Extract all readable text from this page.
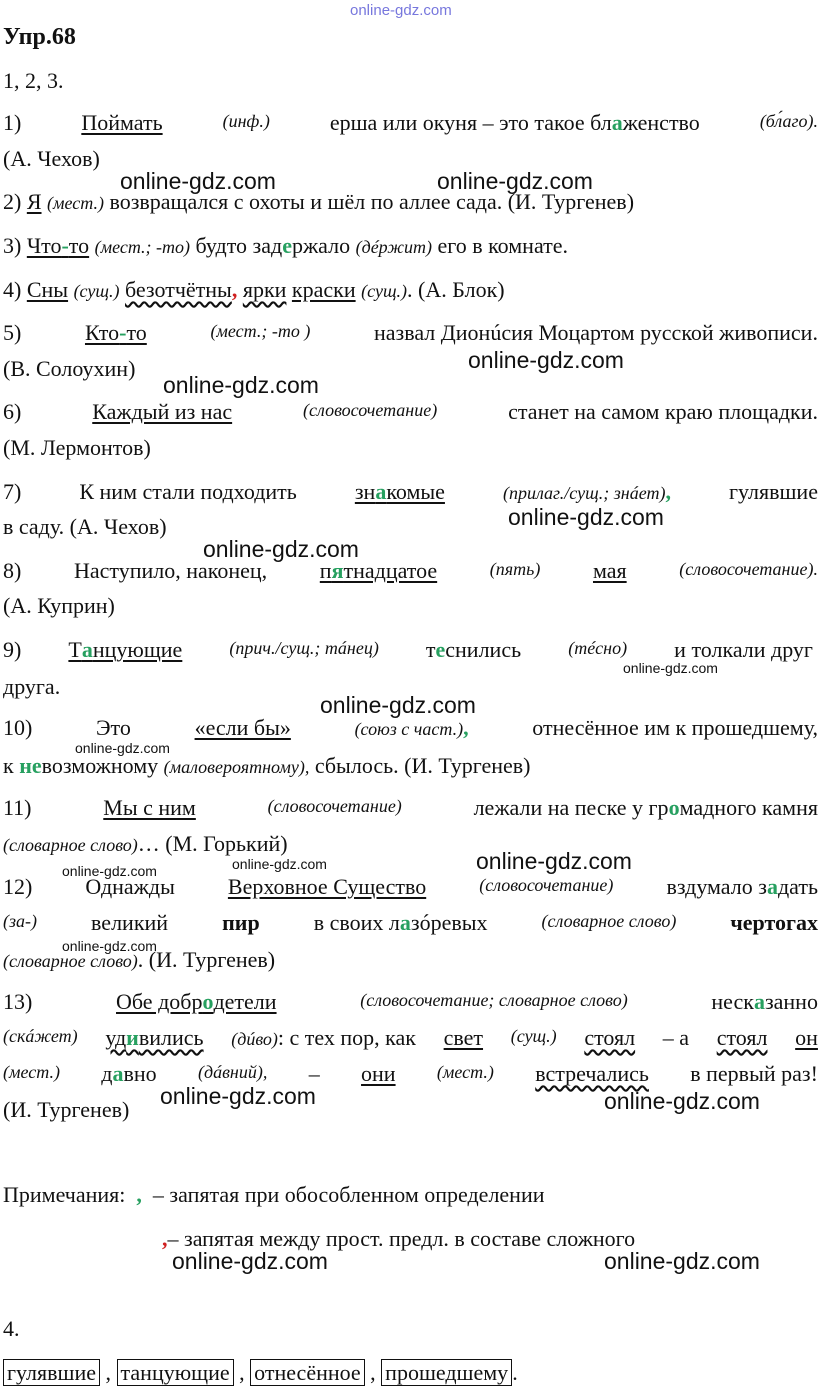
online-gdz.com
online-gdz.com	online-gdz.com
online-gdz.com
online-gdz.com
online-gdz.com
online-gdz.com
online-gdz.com
online-gdz.com
online-gdz.com
online-gdz.com
online-gdz.com
online-gdz.com
online-gdz.com
online-gdz.com	online-gdz.com
online-gdz.com	online-gdz.com
Упр.68
1, 2, 3.
1)	Поймать	(инф.)	ерша или окуня – это такое блаженство	(бл́аго).
(А. Чехов)
2) Я (мест.) возвращался с охоты и шёл по аллее сада. (И. Тургенев)
3) Что-то (мест.; -то) будто задержало (дéржит) его в комнате.
4) Сны (сущ.) безотчётны, ярки краски (сущ.). (А. Блок)
5)	Кто-то	(мест.; -то )	назвал Дионúсия Моцартом русской живописи.
(В. Солоухин)
6)	Каждый из нас	(словосочетание)	станет на самом краю площадки.
(М. Лермонтов)
7)	К ним стали подходить	знакомые	(прилаг./сущ.; знáет),	гулявшие
в саду. (А. Чехов)
8) Наступило, наконец, пятнадцатое	(пять) мая	(словосочетание).
(А. Куприн)
9) Танцующие	(прич./сущ.; тáнец) теснились	(тéсно) и толкали друг
друга.
10)	Это	«если бы»	(союз с част.),	отнесённое им к прошедшему,
к невозможному (маловероятному), сбылось. (И. Тургенев)
11)	Мы с ним	(словосочетание)	лежали на песке у громадного камня
(словарное слово)… (М. Горький)
12) Однажды Верховное Существо	(словосочетание) вздумало задать
(за-) великий пир в своих лазóревых	(словарное слово) чертогах
(словарное слово). (И. Тургенев)
13)	Обе добродетели	(словосочетание; словарное слово)	несказанно
(скáжет) удивились (дúво): с тех пор, как свет (сущ.) стоял – а стоял он
(мест.) давно (дáвний), – они (мест.) встречались в первый раз!
(И. Тургенев)
Примечания: , – запятая при обособленном определении
,– запятая между прост. предл. в составе сложного
4.
гулявшие , танцующие , отнесённое , прошедшему .
